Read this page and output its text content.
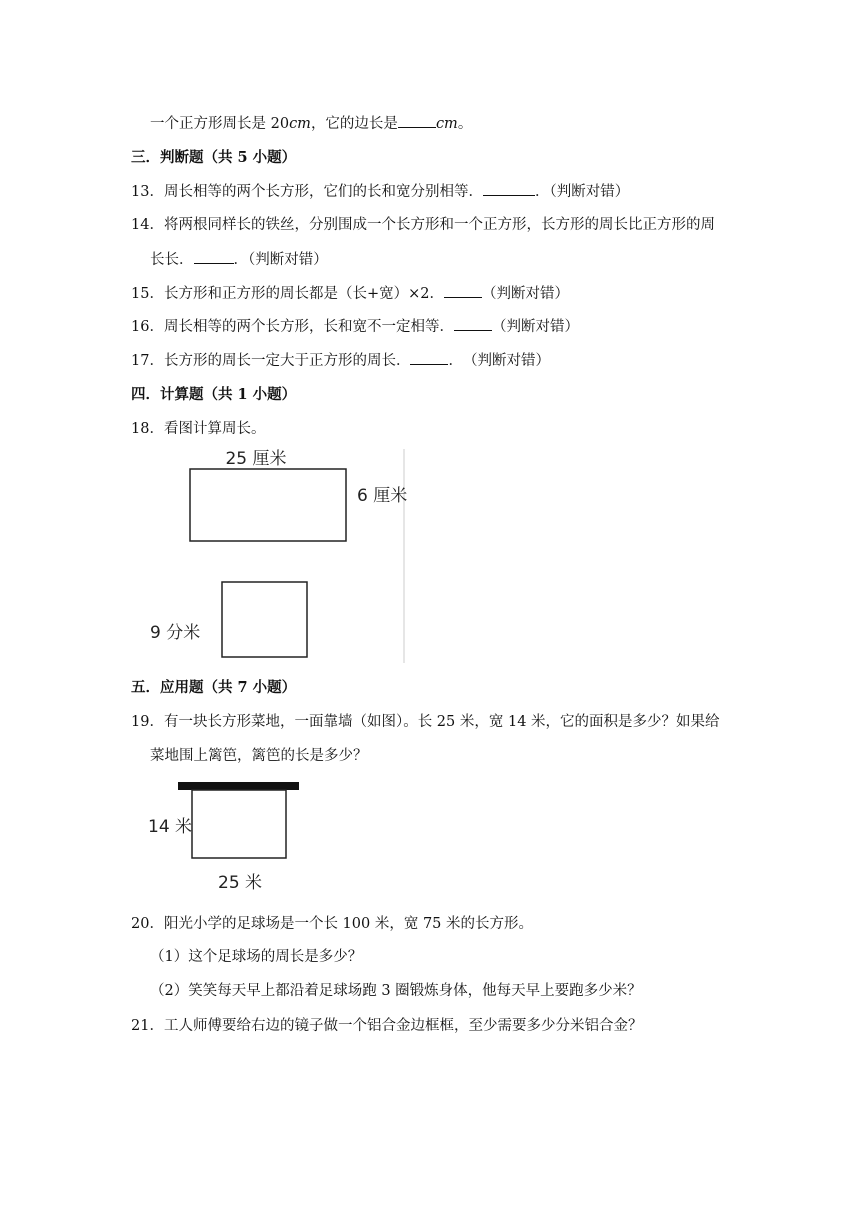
一个正方形周长是 20cm，它的边长是	cm。
三．判断题（共 5 小题）
13．周长相等的两个长方形，它们的长和宽分别相等．	．（判断对错）
14．将两根同样长的铁丝，分别围成一个长方形和一个正方形，长方形的周长比正方形的周
长长．	．（判断对错）
15．长方形和正方形的周长都是（长+宽）×2．	（判断对错）
16．周长相等的两个长方形，长和宽不一定相等．	（判断对错）
17．长方形的周长一定大于正方形的周长．	．　（判断对错）
四．计算题（共 1 小题）
18．看图计算周长。
25 厘米
6 厘米
9 分米
五．应用题（共 7 小题）
19．有一块长方形菜地，一面靠墙（如图）。长 25 米，宽 14 米，它的面积是多少？如果给
菜地围上篱笆，篱笆的长是多少？
14 米
25 米
20．阳光小学的足球场是一个长 100 米，宽 75 米的长方形。
（1）这个足球场的周长是多少？
（2）笑笑每天早上都沿着足球场跑 3 圈锻炼身体，他每天早上要跑多少米？
21．工人师傅要给右边的镜子做一个铝合金边框框，至少需要多少分米铝合金？
